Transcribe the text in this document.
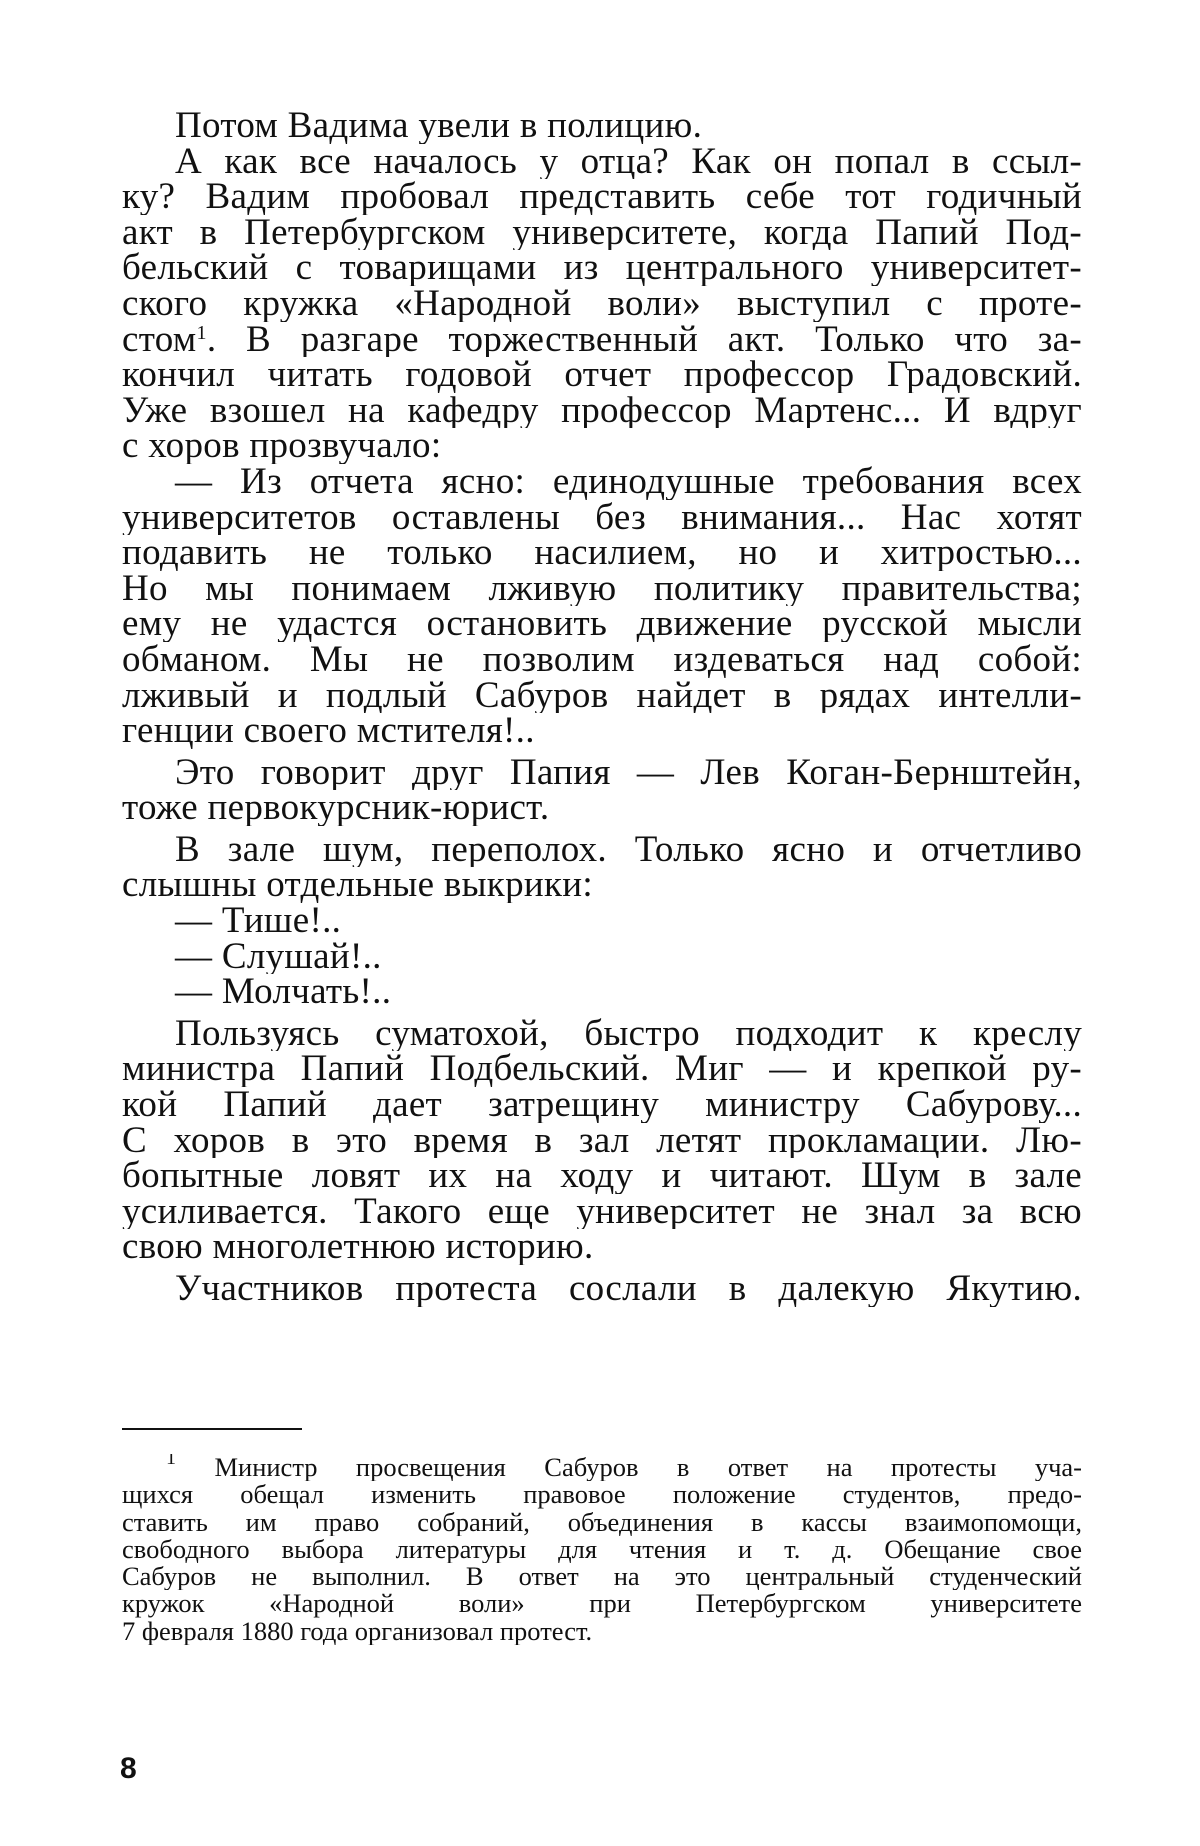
Потом Вадима увели в полицию.
А как все началось у отца? Как он попал в ссыл-
ку? Вадим пробовал представить себе тот годичный
акт в Петербургском университете, когда Папий Под-
бельский с товарищами из центрального университет-
ского кружка «Народной воли» выступил с проте-
стом1. В разгаре торжественный акт. Только что за-
кончил читать годовой отчет профессор Градовский.
Уже взошел на кафедру профессор Мартенс... И вдруг
с хоров прозвучало:
— Из отчета ясно: единодушные требования всех
университетов оставлены без внимания... Нас хотят
подавить не только насилием, но и хитростью...
Но мы понимаем лживую политику правительства;
ему не удастся остановить движение русской мысли
обманом. Мы не позволим издеваться над собой:
лживый и подлый Сабуров найдет в рядах интелли-
генции своего мстителя!..
Это говорит друг Папия — Лев Коган-Бернштейн,
тоже первокурсник-юрист.
В зале шум, переполох. Только ясно и отчетливо
слышны отдельные выкрики:
— Тише!..
— Слушай!..
— Молчать!..
Пользуясь суматохой, быстро подходит к креслу
министра Папий Подбельский. Миг — и крепкой ру-
кой Папий дает затрещину министру Сабурову...
С хоров в это время в зал летят прокламации. Лю-
бопытные ловят их на ходу и читают. Шум в зале
усиливается. Такого еще университет не знал за всю
свою многолетнюю историю.
Участников протеста сослали в далекую Якутию.
1 Министр просвещения Сабуров в ответ на протесты уча-
щихся обещал изменить правовое положение студентов, предо-
ставить им право собраний, объединения в кассы взаимопомощи,
свободного выбора литературы для чтения и т. д. Обещание свое
Сабуров не выполнил. В ответ на это центральный студенческий
кружок «Народной воли» при Петербургском университете
7 февраля 1880 года организовал протест.
8
